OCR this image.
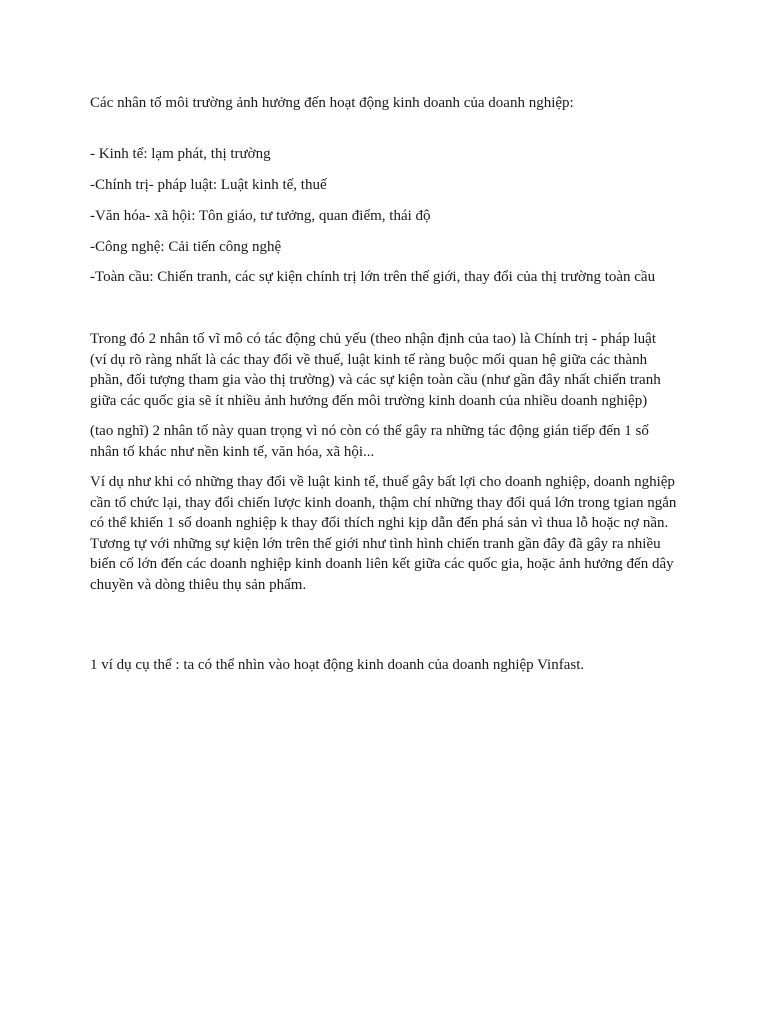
Các nhân tố môi trường ảnh hưởng đến hoạt động kinh doanh của doanh nghiệp:
- Kinh tế: lạm phát, thị trường
-Chính trị- pháp luật: Luật kinh tế, thuế
-Văn hóa- xã hội: Tôn giáo, tư tưởng, quan điểm, thái độ
-Công nghệ: Cải tiến công nghệ
-Toàn cầu: Chiến tranh, các sự kiện chính trị lớn trên thế giới, thay đổi của thị trường toàn cầu
Trong đó 2 nhân tố vĩ mô có tác động chủ yếu (theo nhận định của tao) là Chính trị - pháp luật (ví dụ rõ ràng nhất là các thay đổi về thuế, luật kinh tế ràng buộc mối quan hệ giữa các thành phần, đối tượng tham gia vào thị trường) và các sự kiện toàn cầu (như gần đây nhất chiến tranh giữa các quốc gia sẽ ít nhiều ảnh hưởng đến môi trường kinh doanh của nhiều doanh nghiệp)
(tao nghĩ) 2 nhân tố này quan trọng vì nó còn có thể gây ra những tác động gián tiếp đến 1 số nhân tố khác như nền kinh tế, văn hóa, xã hội...
Ví dụ như khi có những thay đổi về luật kinh tế, thuế gây bất lợi cho doanh nghiệp, doanh nghiệp cần tổ chức lại, thay đổi chiến lược kinh doanh, thậm chí những thay đổi quá lớn trong tgian ngắn có thể khiến 1 số doanh nghiệp k thay đổi thích nghi kịp dẫn đến phá sản vì thua lỗ hoặc nợ nần.
Tương tự với những sự kiện lớn trên thế giới như tình hình chiến tranh gần đây đã gây ra nhiều biến cố lớn đến các doanh nghiệp kinh doanh liên kết giữa các quốc gia, hoặc ảnh hưởng đến dây chuyền và dòng thiêu thụ sản phẩm.
1 ví dụ cụ thể : ta có thể nhìn vào hoạt động kinh doanh của doanh nghiệp Vinfast.
